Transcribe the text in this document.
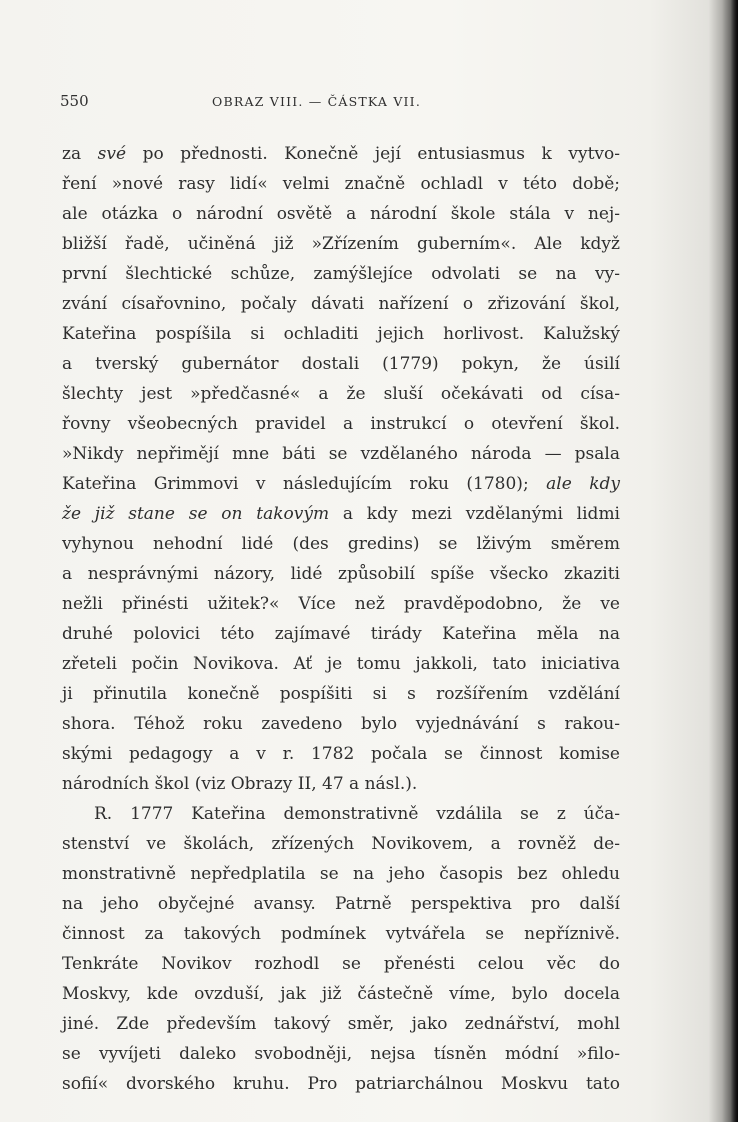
550	OBRAZ VIII. — ČÁSTKA VII.
za své po přednosti. Konečně její entusiasmus k vytvo-
ření »nové rasy lidí« velmi značně ochladl v této době;
ale otázka o národní osvětě a národní škole stála v nej-
bližší řadě, učiněná již »Zřízením guberním«. Ale když
první šlechtické schůze, zamýšlejíce odvolati se na vy-
zvání císařovnino, počaly dávati nařízení o zřizování škol,
Kateřina pospíšila si ochladiti jejich horlivost. Kalužský
a tverský gubernátor dostali (1779) pokyn, že úsilí
šlechty jest »předčasné« a že sluší očekávati od císa-
řovny všeobecných pravidel a instrukcí o otevření škol.
»Nikdy nepřimějí mne báti se vzdělaného národa — psala
Kateřina Grimmovi v následujícím roku (1780); ale kdy
že již stane se on takovým a kdy mezi vzdělanými lidmi
vyhynou nehodní lidé (des gredins) se lživým směrem
a nesprávnými názory, lidé způsobilí spíše všecko zkaziti
nežli přinésti užitek?« Více než pravděpodobno, že ve
druhé polovici této zajímavé tirády Kateřina měla na
zřeteli počin Novikova. Ať je tomu jakkoli, tato iniciativa
ji přinutila konečně pospíšiti si s rozšířením vzdělání
shora. Téhož roku zavedeno bylo vyjednávání s rakou-
skými pedagogy a v r. 1782 počala se činnost komise
národních škol (viz Obrazy II, 47 a násl.).
R. 1777 Kateřina demonstrativně vzdálila se z úča-
stenství ve školách, zřízených Novikovem, a rovněž de-
monstrativně nepředplatila se na jeho časopis bez ohledu
na jeho obyčejné avansy. Patrně perspektiva pro další
činnost za takových podmínek vytvářela se nepříznivě.
Tenkráte Novikov rozhodl se přenésti celou věc do
Moskvy, kde ovzduší, jak již částečně víme, bylo docela
jiné. Zde především takový směr, jako zednářství, mohl
se vyvíjeti daleko svobodněji, nejsa tísněn módní »filo-
sofií« dvorského kruhu. Pro patriarchálnou Moskvu tato
